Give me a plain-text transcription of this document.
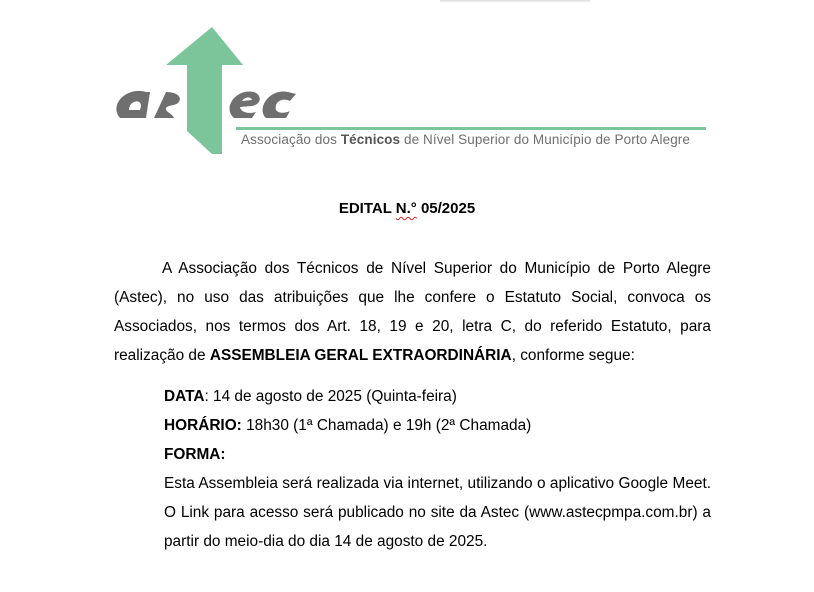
Associação dos Técnicos de Nível Superior do Município de Porto Alegre
EDITAL N.° 05/2025
A Associação dos Técnicos de Nível Superior do Município de Porto Alegre (Astec), no uso das atribuições que lhe confere o Estatuto Social, convoca os Associados, nos termos dos Art. 18, 19 e 20, letra C, do referido Estatuto, para realização de ASSEMBLEIA GERAL EXTRAORDINÁRIA, conforme segue:
DATA: 14 de agosto de 2025 (Quinta-feira)
HORÁRIO: 18h30 (1ª Chamada) e 19h (2ª Chamada)
FORMA:
Esta Assembleia será realizada via internet, utilizando o aplicativo Google Meet. O Link para acesso será publicado no site da Astec (www.astecpmpa.com.br) a partir do meio-dia do dia 14 de agosto de 2025.
